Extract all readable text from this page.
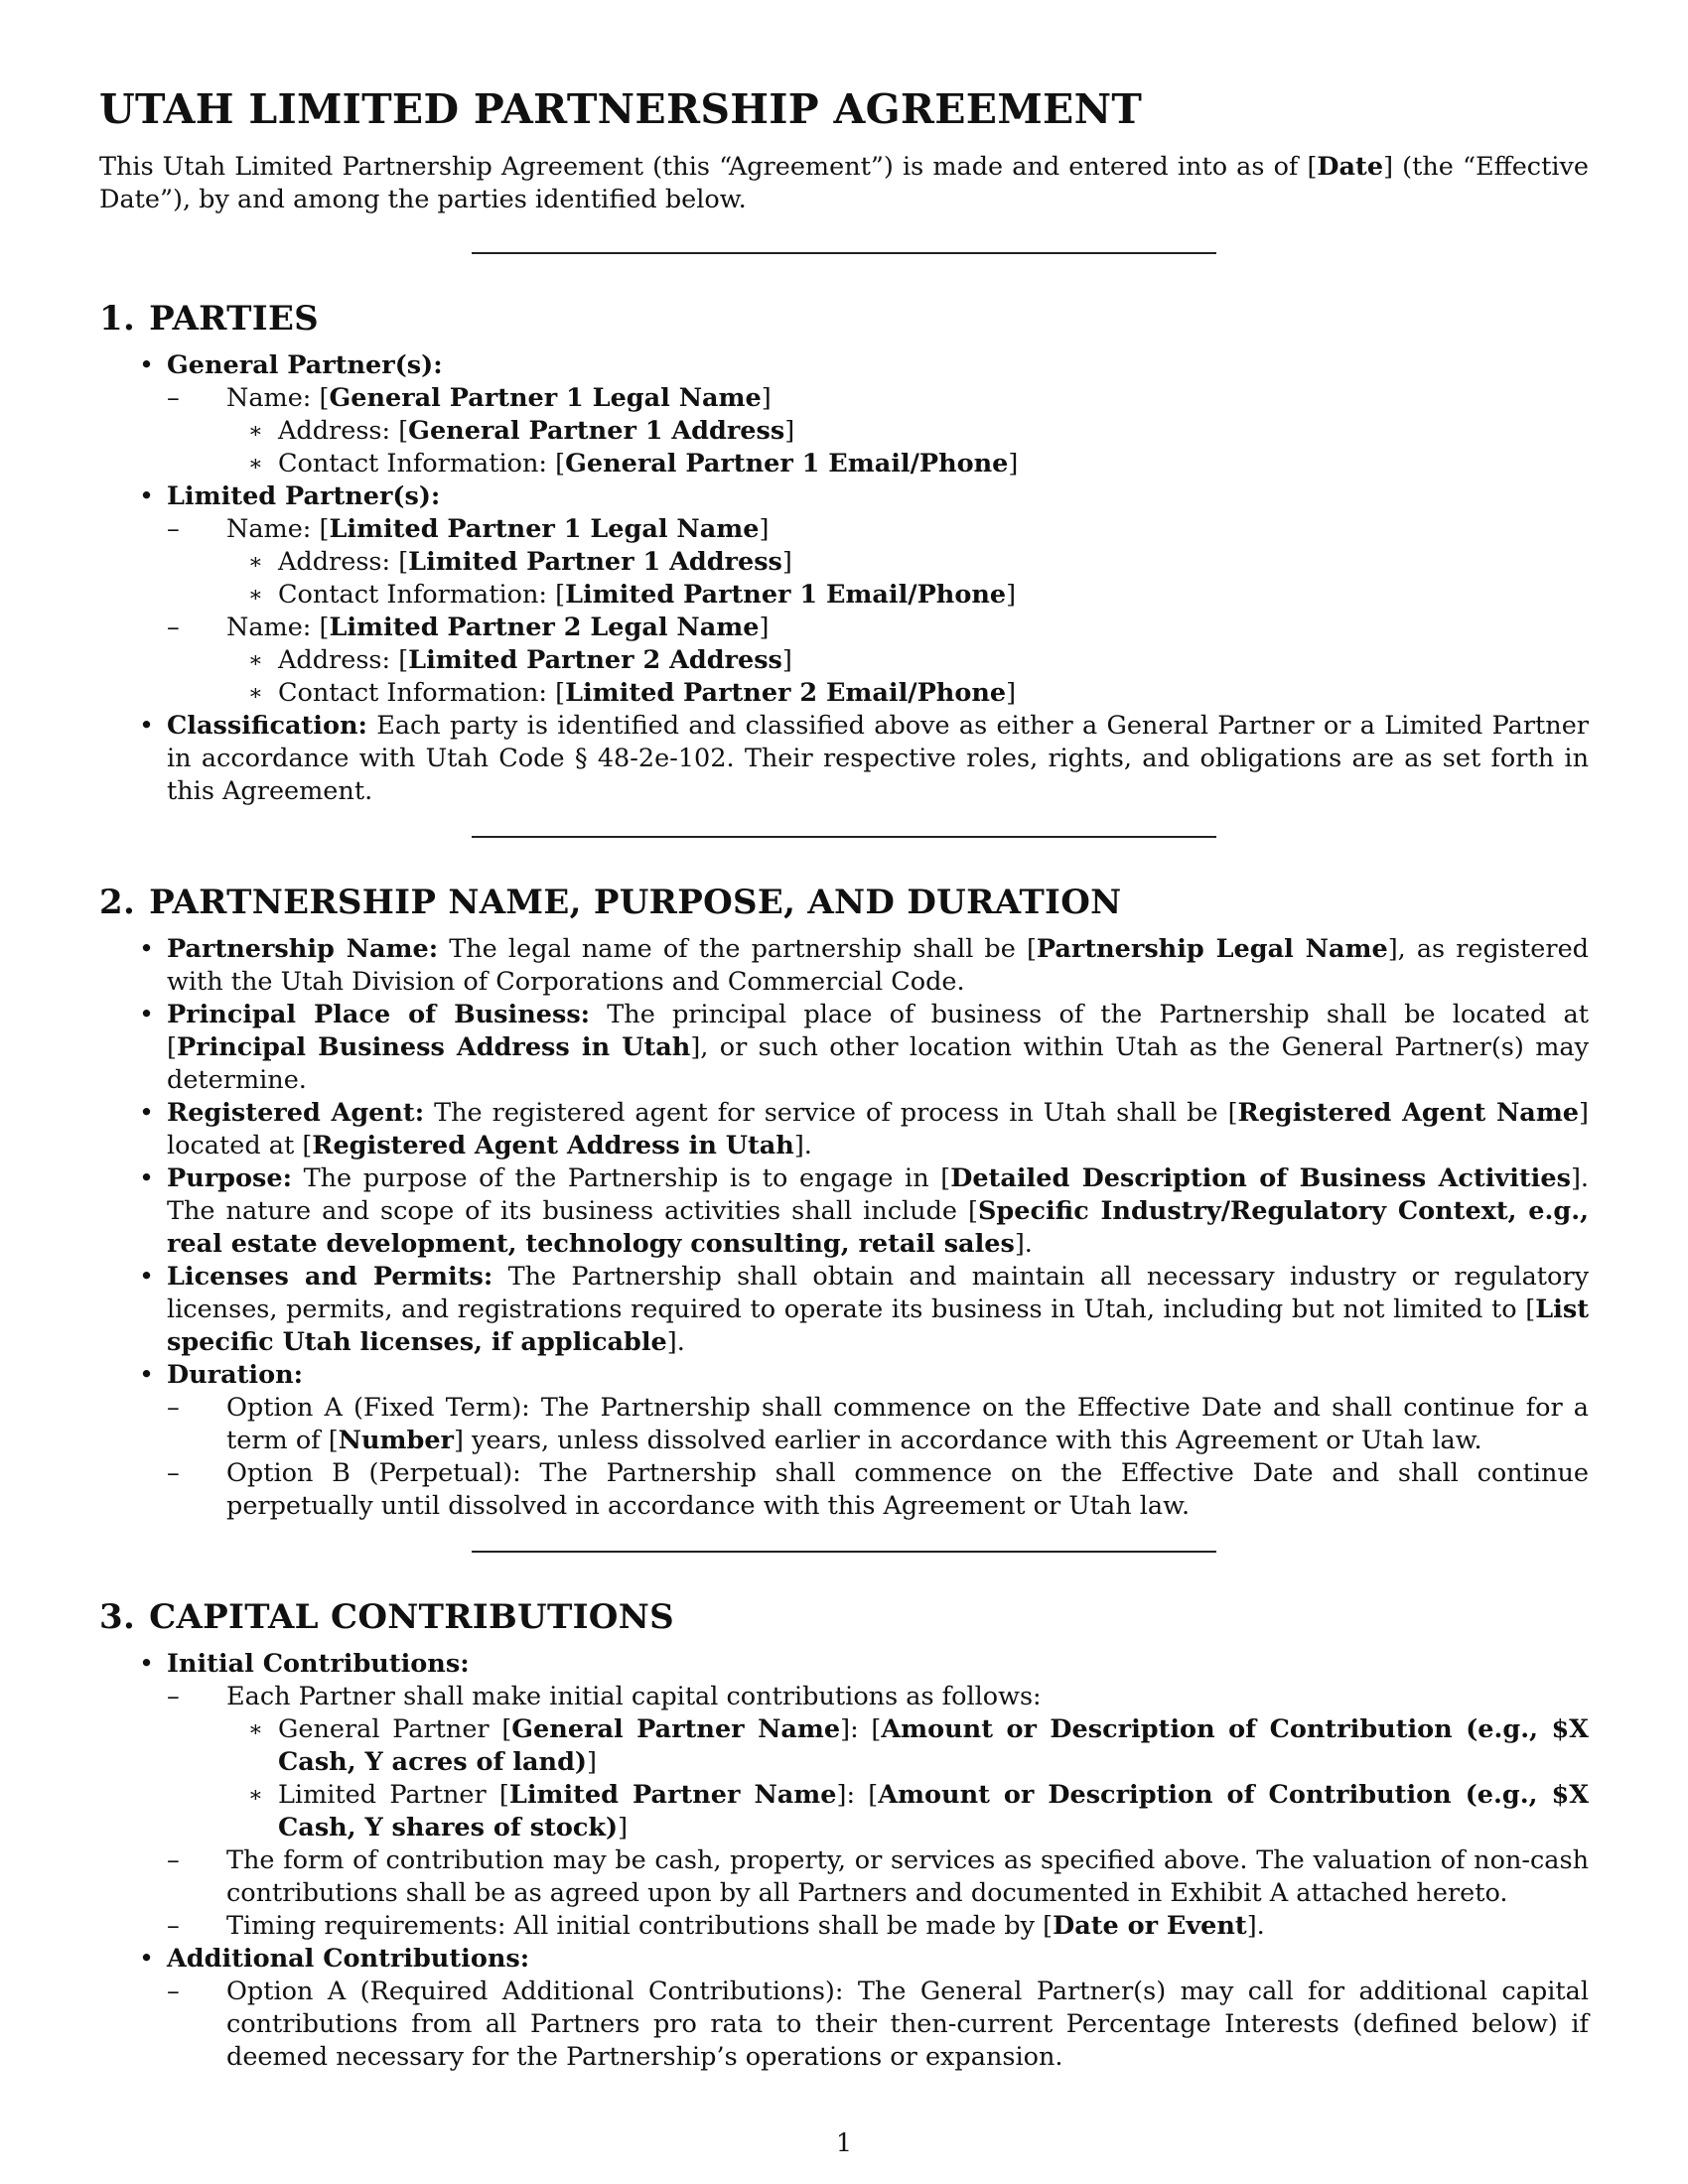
UTAH LIMITED PARTNERSHIP AGREEMENT

This Utah Limited Partnership Agreement (this “Agreement”) is made and entered into as of [Date] (the “Effective Date”), by and among the parties identified below.

1. PARTIES
• General Partner(s):
– Name: [General Partner 1 Legal Name]
∗ Address: [General Partner 1 Address]
∗ Contact Information: [General Partner 1 Email/Phone]
• Limited Partner(s):
– Name: [Limited Partner 1 Legal Name]
∗ Address: [Limited Partner 1 Address]
∗ Contact Information: [Limited Partner 1 Email/Phone]
– Name: [Limited Partner 2 Legal Name]
∗ Address: [Limited Partner 2 Address]
∗ Contact Information: [Limited Partner 2 Email/Phone]
• Classification: Each party is identified and classified above as either a General Partner or a Limited Partner in accordance with Utah Code § 48-2e-102. Their respective roles, rights, and obligations are as set forth in this Agreement.
2. PARTNERSHIP NAME, PURPOSE, AND DURATION
• Partnership Name: The legal name of the partnership shall be [Partnership Legal Name], as registered with the Utah Division of Corporations and Commercial Code.
• Principal Place of Business: The principal place of business of the Partnership shall be located at [Principal Business Address in Utah], or such other location within Utah as the General Partner(s) may determine.
• Registered Agent: The registered agent for service of process in Utah shall be [Registered Agent Name] located at [Registered Agent Address in Utah].
• Purpose: The purpose of the Partnership is to engage in [Detailed Description of Business Activities]. The nature and scope of its business activities shall include [Specific Industry/Regulatory Context, e.g., real estate development, technology consulting, retail sales].
• Licenses and Permits: The Partnership shall obtain and maintain all necessary industry or regulatory licenses, permits, and registrations required to operate its business in Utah, including but not limited to [List specific Utah licenses, if applicable].
• Duration:
– Option A (Fixed Term): The Partnership shall commence on the Effective Date and shall continue for a term of [Number] years, unless dissolved earlier in accordance with this Agreement or Utah law.
– Option B (Perpetual): The Partnership shall commence on the Effective Date and shall continue perpetually until dissolved in accordance with this Agreement or Utah law.
3. CAPITAL CONTRIBUTIONS
• Initial Contributions:
– Each Partner shall make initial capital contributions as follows:
∗ General Partner [General Partner Name]: [Amount or Description of Contribution (e.g., $X Cash, Y acres of land)]
∗ Limited Partner [Limited Partner Name]: [Amount or Description of Contribution (e.g., $X Cash, Y shares of stock)]
– The form of contribution may be cash, property, or services as specified above. The valuation of non-cash contributions shall be as agreed upon by all Partners and documented in Exhibit A attached hereto.
– Timing requirements: All initial contributions shall be made by [Date or Event].
• Additional Contributions:
– Option A (Required Additional Contributions): The General Partner(s) may call for additional capital contributions from all Partners pro rata to their then-current Percentage Interests (defined below) if deemed necessary for the Partnership’s operations or expansion.
1
